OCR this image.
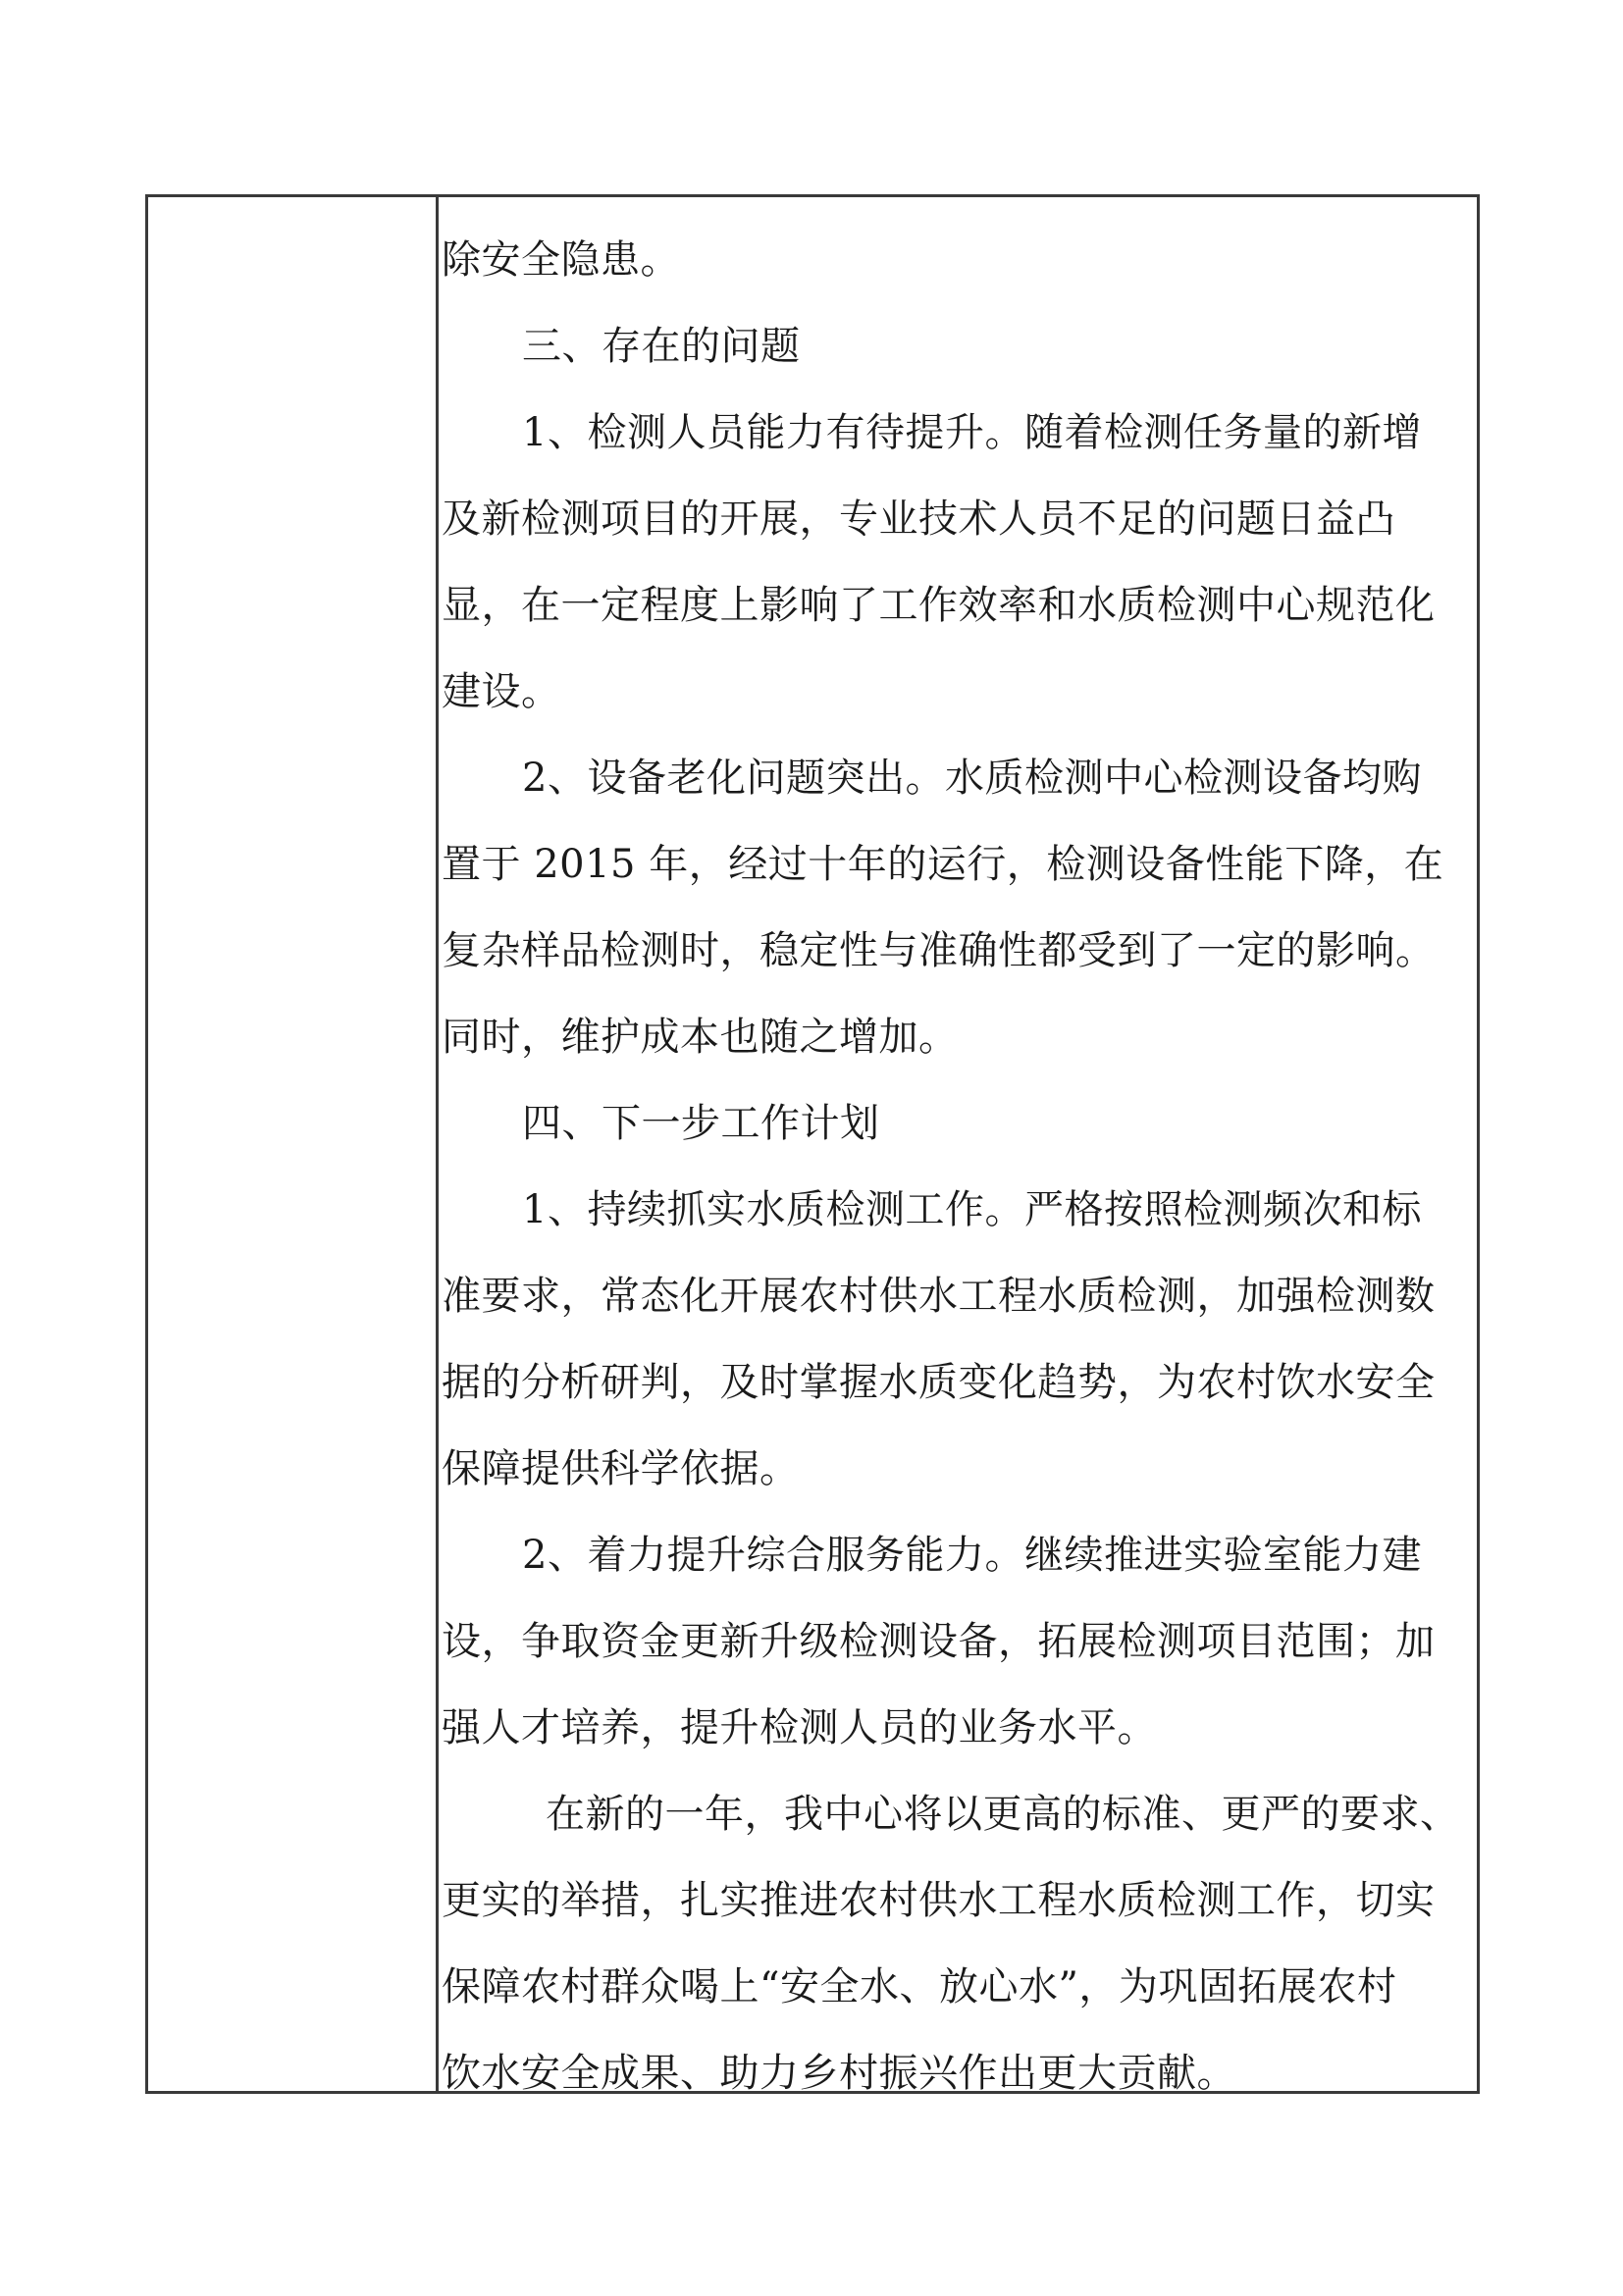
除安全隐患。
三、存在的问题
1、检测人员能力有待提升。随着检测任务量的新增
及新检测项目的开展，专业技术人员不足的问题日益凸
显，在一定程度上影响了工作效率和水质检测中心规范化
建设。
2、设备老化问题突出。水质检测中心检测设备均购
置于 2015 年，经过十年的运行，检测设备性能下降，在
复杂样品检测时，稳定性与准确性都受到了一定的影响。
同时，维护成本也随之增加。
四、下一步工作计划
1、持续抓实水质检测工作。严格按照检测频次和标
准要求，常态化开展农村供水工程水质检测，加强检测数
据的分析研判，及时掌握水质变化趋势，为农村饮水安全
保障提供科学依据。
2、着力提升综合服务能力。继续推进实验室能力建
设，争取资金更新升级检测设备，拓展检测项目范围；加
强人才培养，提升检测人员的业务水平。
在新的一年，我中心将以更高的标准、更严的要求、
更实的举措，扎实推进农村供水工程水质检测工作，切实
保障农村群众喝上“安全水、放心水”，为巩固拓展农村
饮水安全成果、助力乡村振兴作出更大贡献。
